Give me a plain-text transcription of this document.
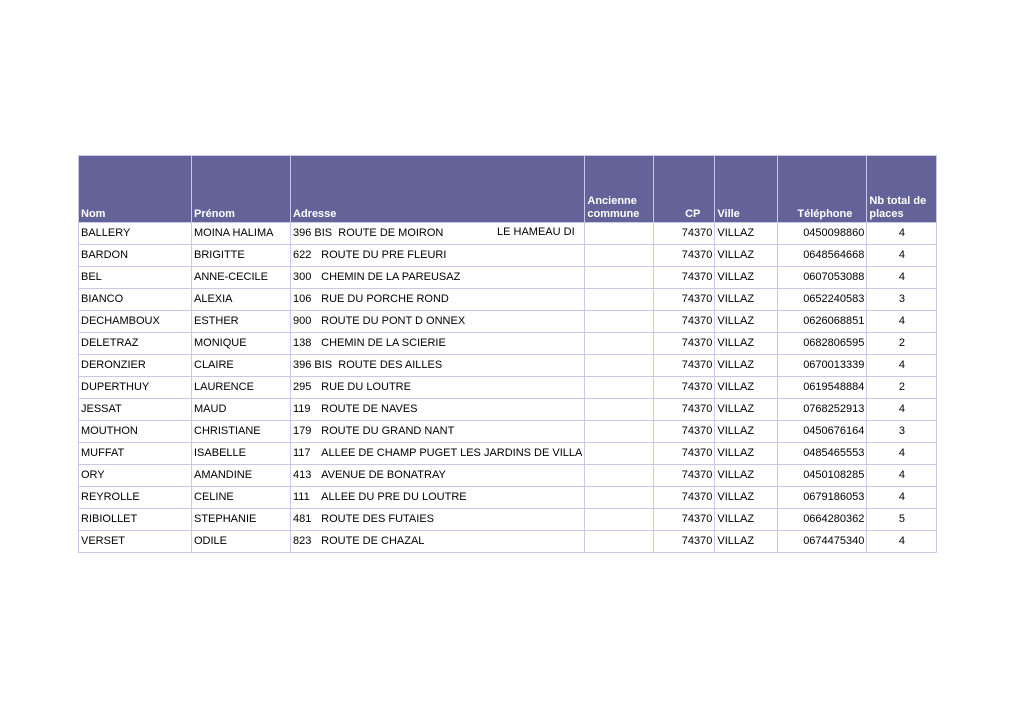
Nom	Prénom	Adresse	Ancienne commune	CP	Ville	Téléphone	Nb total de places
BALLERY	MOINA HALIMA	396 BIS ROUTE DE MOIRON LE HAMEAU DI		74370	VILLAZ	0450098860	4
BARDON	BRIGITTE	622 ROUTE DU PRE FLEURI		74370	VILLAZ	0648564668	4
BEL	ANNE-CECILE	300 CHEMIN DE LA PAREUSAZ		74370	VILLAZ	0607053088	4
BIANCO	ALEXIA	106 RUE DU PORCHE ROND		74370	VILLAZ	0652240583	3
DECHAMBOUX	ESTHER	900 ROUTE DU PONT D ONNEX		74370	VILLAZ	0626068851	4
DELETRAZ	MONIQUE	138 CHEMIN DE LA SCIERIE		74370	VILLAZ	0682806595	2
DERONZIER	CLAIRE	396 BIS ROUTE DES AILLES		74370	VILLAZ	0670013339	4
DUPERTHUY	LAURENCE	295 RUE DU LOUTRE		74370	VILLAZ	0619548884	2
JESSAT	MAUD	119 ROUTE DE NAVES		74370	VILLAZ	0768252913	4
MOUTHON	CHRISTIANE	179 ROUTE DU GRAND NANT		74370	VILLAZ	0450676164	3
MUFFAT	ISABELLE	117 ALLEE DE CHAMP PUGET LES JARDINS DE VILLA		74370	VILLAZ	0485465553	4
ORY	AMANDINE	413 AVENUE DE BONATRAY		74370	VILLAZ	0450108285	4
REYROLLE	CELINE	111 ALLEE DU PRE DU LOUTRE		74370	VILLAZ	0679186053	4
RIBIOLLET	STEPHANIE	481 ROUTE DES FUTAIES		74370	VILLAZ	0664280362	5
VERSET	ODILE	823 ROUTE DE CHAZAL		74370	VILLAZ	0674475340	4
